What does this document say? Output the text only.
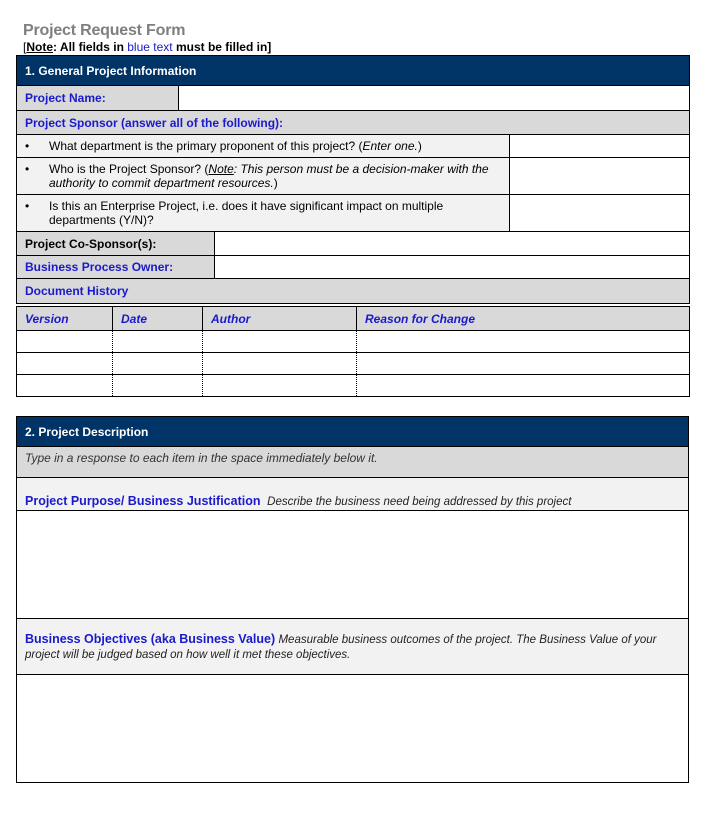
Project Request Form
[Note: All fields in blue text must be filled in]
1. General Project Information			
Project Name:			
Project Sponsor (answer all of the following):			
• What department is the primary proponent of this project? (Enter one.)			
• Who is the Project Sponsor? (Note: This person must be a decision-maker with the authority to commit department resources.)			
• Is this an Enterprise Project, i.e. does it have significant impact on multiple departments (Y/N)?			
Project Co-Sponsor(s):			
Business Process Owner:			
Document History			
Version	Date	Author	Reason for Change

2. Project Description
Type in a response to each item in the space immediately below it.
Project Purpose/ Business Justification Describe the business need being addressed by this project

Business Objectives (aka Business Value) Measurable business outcomes of the project. The Business Value of your project will be judged based on how well it met these objectives.
